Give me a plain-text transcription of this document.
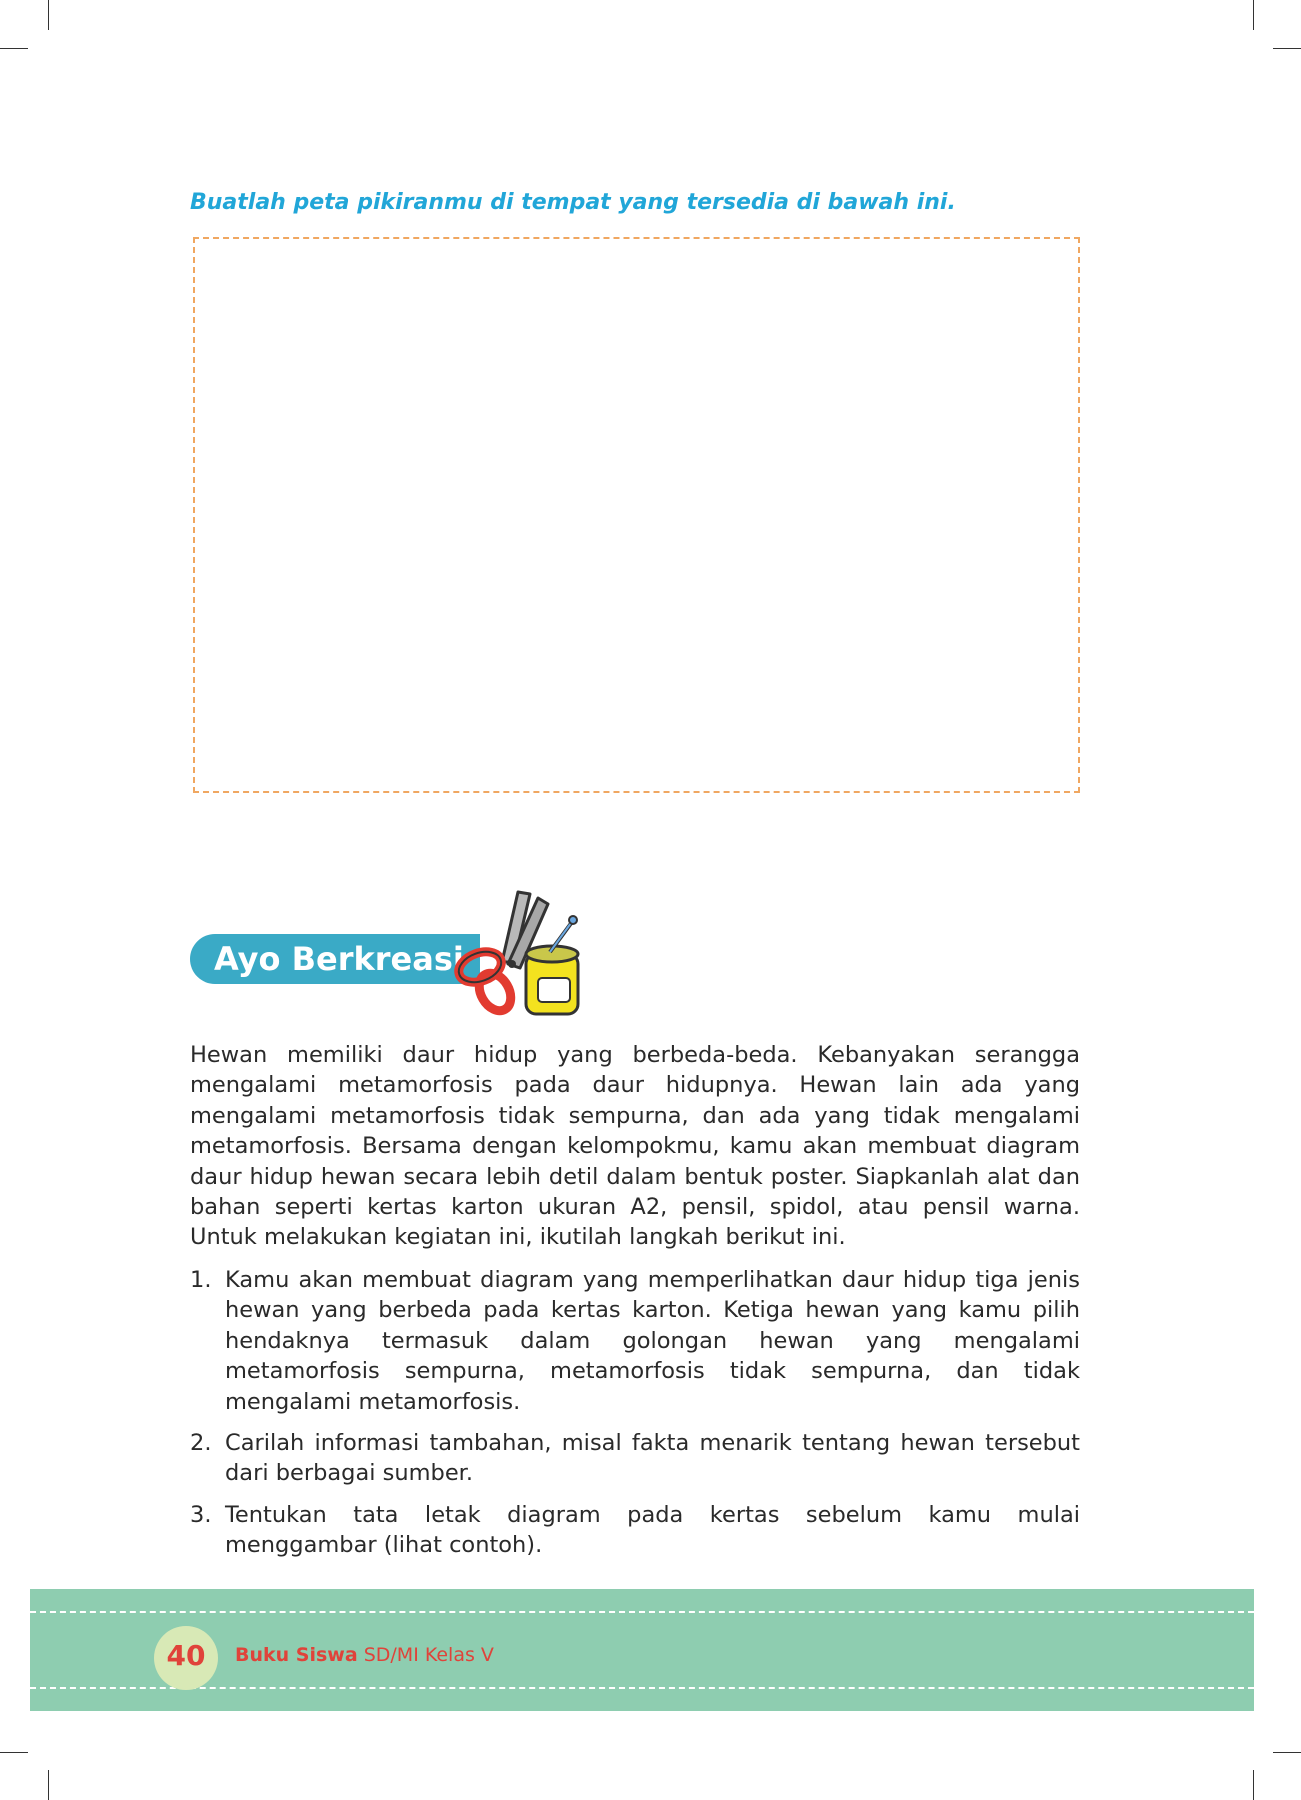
Buatlah peta pikiranmu di tempat yang tersedia di bawah ini.
Ayo Berkreasi
Hewan memiliki daur hidup yang berbeda-beda. Kebanyakan serangga mengalami metamorfosis pada daur hidupnya. Hewan lain ada yang mengalami metamorfosis tidak sempurna, dan ada yang tidak mengalami metamorfosis. Bersama dengan kelompokmu, kamu akan membuat diagram daur hidup hewan secara lebih detil dalam bentuk poster. Siapkanlah alat dan bahan seperti kertas karton ukuran A2, pensil, spidol, atau pensil warna. Untuk melakukan kegiatan ini, ikutilah langkah berikut ini.
1. Kamu akan membuat diagram yang memperlihatkan daur hidup tiga jenis hewan yang berbeda pada kertas karton. Ketiga hewan yang kamu pilih hendaknya termasuk dalam golongan hewan yang mengalami metamorfosis sempurna, metamorfosis tidak sempurna, dan tidak mengalami metamorfosis.
2. Carilah informasi tambahan, misal fakta menarik tentang hewan tersebut dari berbagai sumber.
3. Tentukan tata letak diagram pada kertas sebelum kamu mulai menggambar (lihat contoh).
40	Buku Siswa SD/MI Kelas V
